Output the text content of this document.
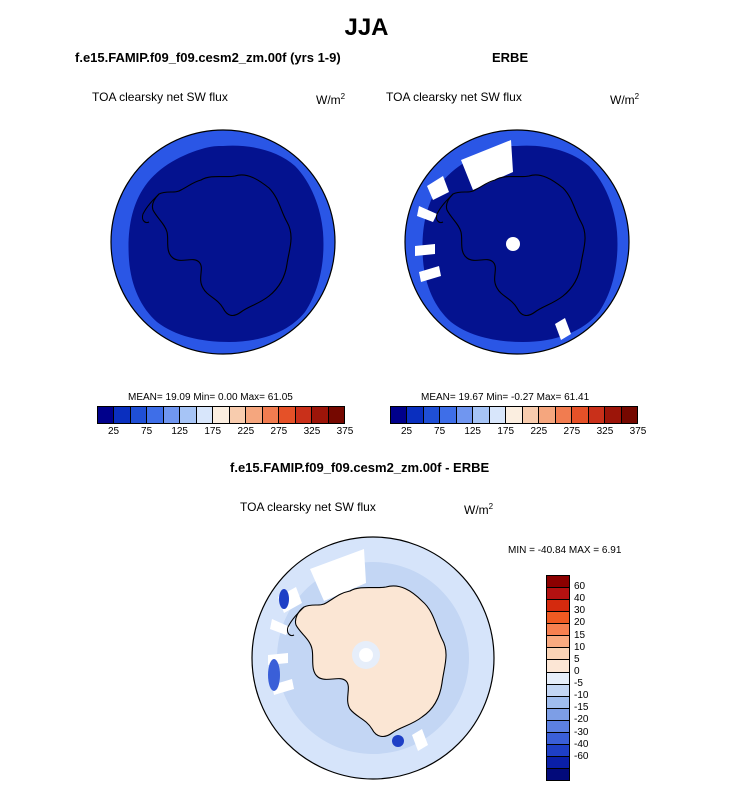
JJA
f.e15.FAMIP.f09_f09.cesm2_zm.00f (yrs 1-9)	ERBE
TOA clearsky net SW flux	$W/m^2$	TOA clearsky net SW flux	$W/m^2$
MEAN= 19.09 Min= 0.00 Max= 61.05
25	75	125	175	225	275	325	375
MEAN= 19.67 Min= -0.27 Max= 61.41
25	75	125	175	225	275	325	375
f.e15.FAMIP.f09_f09.cesm2_zm.00f - ERBE
TOA clearsky net SW flux	$W/m^2$
MIN = -40.84 MAX = 6.91
60
40
30
20
15
10
5
0
-5
-10
-15
-20
-30
-40
-60
